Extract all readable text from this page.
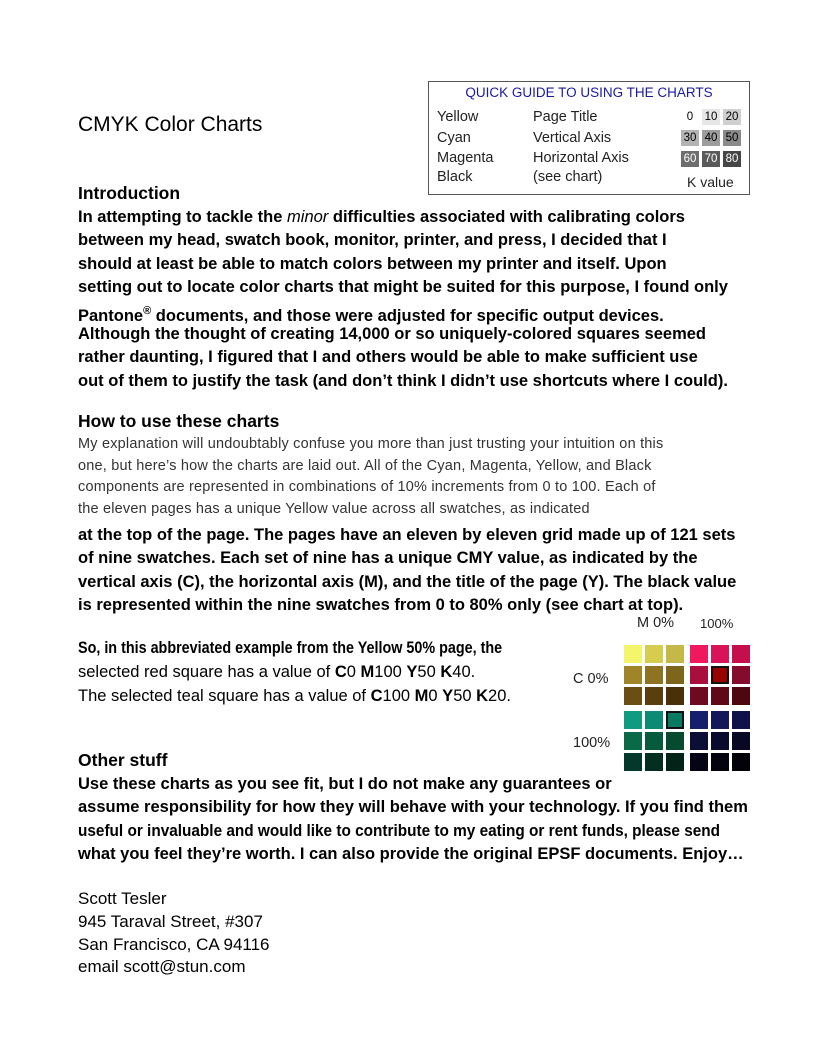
CMYK Color Charts
QUICK GUIDE TO USING THE CHARTS
Yellow
Cyan
Magenta
Black
Page Title
Vertical Axis
Horizontal Axis
(see chart)
0 10 20
30 40 50
60 70 80
K value
Introduction
In attempting to tackle the minor difficulties associated with calibrating colors
between my head, swatch book, monitor, printer, and press, I decided that I
should at least be able to match colors between my printer and itself. Upon
setting out to locate color charts that might be suited for this purpose, I found only
Pantone® documents, and those were adjusted for specific output devices.
Although the thought of creating 14,000 or so uniquely-colored squares seemed
rather daunting, I figured that I and others would be able to make sufficient use
out of them to justify the task (and don’t think I didn’t use shortcuts where I could).
How to use these charts
My explanation will undoubtably confuse you more than just trusting your intuition on this
one, but here’s how the charts are laid out. All of the Cyan, Magenta, Yellow, and Black
components are represented in combinations of 10% increments from 0 to 100. Each of
the eleven pages has a unique Yellow value across all swatches, as indicated
at the top of the page. The pages have an eleven by eleven grid made up of 121 sets
of nine swatches. Each set of nine has a unique CMY value, as indicated by the
vertical axis (C), the horizontal axis (M), and the title of the page (Y). The black value
is represented within the nine swatches from 0 to 80% only (see chart at top).
So, in this abbreviated example from the Yellow 50% page, the
selected red square has a value of C0 M100 Y50 K40.
The selected teal square has a value of C100 M0 Y50 K20.
M 0% 100%
C 0%
100%
Other stuff
Use these charts as you see fit, but I do not make any guarantees or
assume responsibility for how they will behave with your technology. If you find them
useful or invaluable and would like to contribute to my eating or rent funds, please send
what you feel they’re worth. I can also provide the original EPSF documents. Enjoy…
Scott Tesler
945 Taraval Street, #307
San Francisco, CA 94116
email scott@stun.com
